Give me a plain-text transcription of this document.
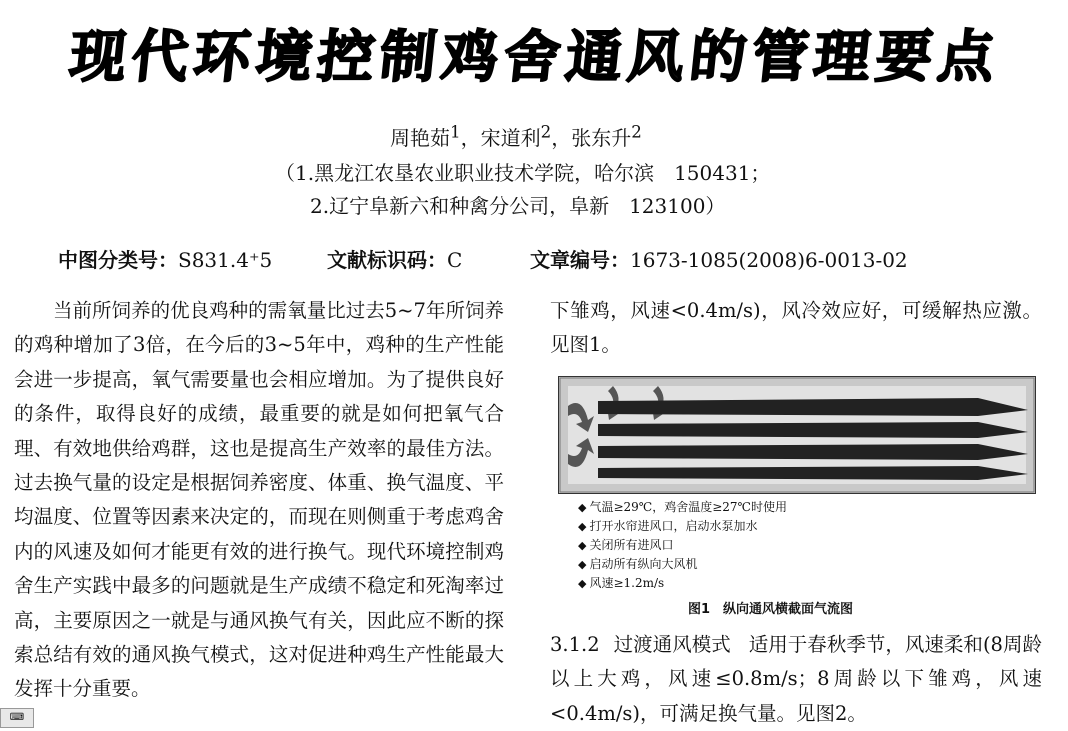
现代环境控制鸡舍通风的管理要点
周艳茹$^1$，宋道利$^2$，张东升$^2$
（1.黑龙江农垦农业职业技术学院，哈尔滨　150431；
2.辽宁阜新六和种禽分公司，阜新　123100）
中图分类号：S831.4⁺5	文献标识码：C	文章编号：1673-1085(2008)6-0013-02

当前所饲养的优良鸡种的需氧量比过去5~7年所饲养的鸡种增加了3倍，在今后的3~5年中，鸡种的生产性能会进一步提高，氧气需要量也会相应增加。为了提供良好的条件，取得良好的成绩，最重要的就是如何把氧气合理、有效地供给鸡群，这也是提高生产效率的最佳方法。过去换气量的设定是根据饲养密度、体重、换气温度、平均温度、位置等因素来决定的，而现在则侧重于考虑鸡舍内的风速及如何才能更有效的进行换气。现代环境控制鸡舍生产实践中最多的问题就是生产成绩不稳定和死淘率过高，主要原因之一就是与通风换气有关，因此应不断的探索总结有效的通风换气模式，这对促进种鸡生产性能最大发挥十分重要。

下雏鸡，风速<0.4m/s)，风冷效应好，可缓解热应激。见图1。

◆ 气温≥29℃，鸡舍温度≥27℃时使用
◆ 打开水帘进风口，启动水泵加水
◆ 关闭所有进风口
◆ 启动所有纵向大风机
◆ 风速≥1.2m/s
图1　纵向通风横截面气流图

3.1.2 过渡通风模式 适用于春秋季节，风速柔和(8周龄以上大鸡，风速≤0.8m/s；8周龄以下雏鸡，风速<0.4m/s)，可满足换气量。见图2。

⌨
